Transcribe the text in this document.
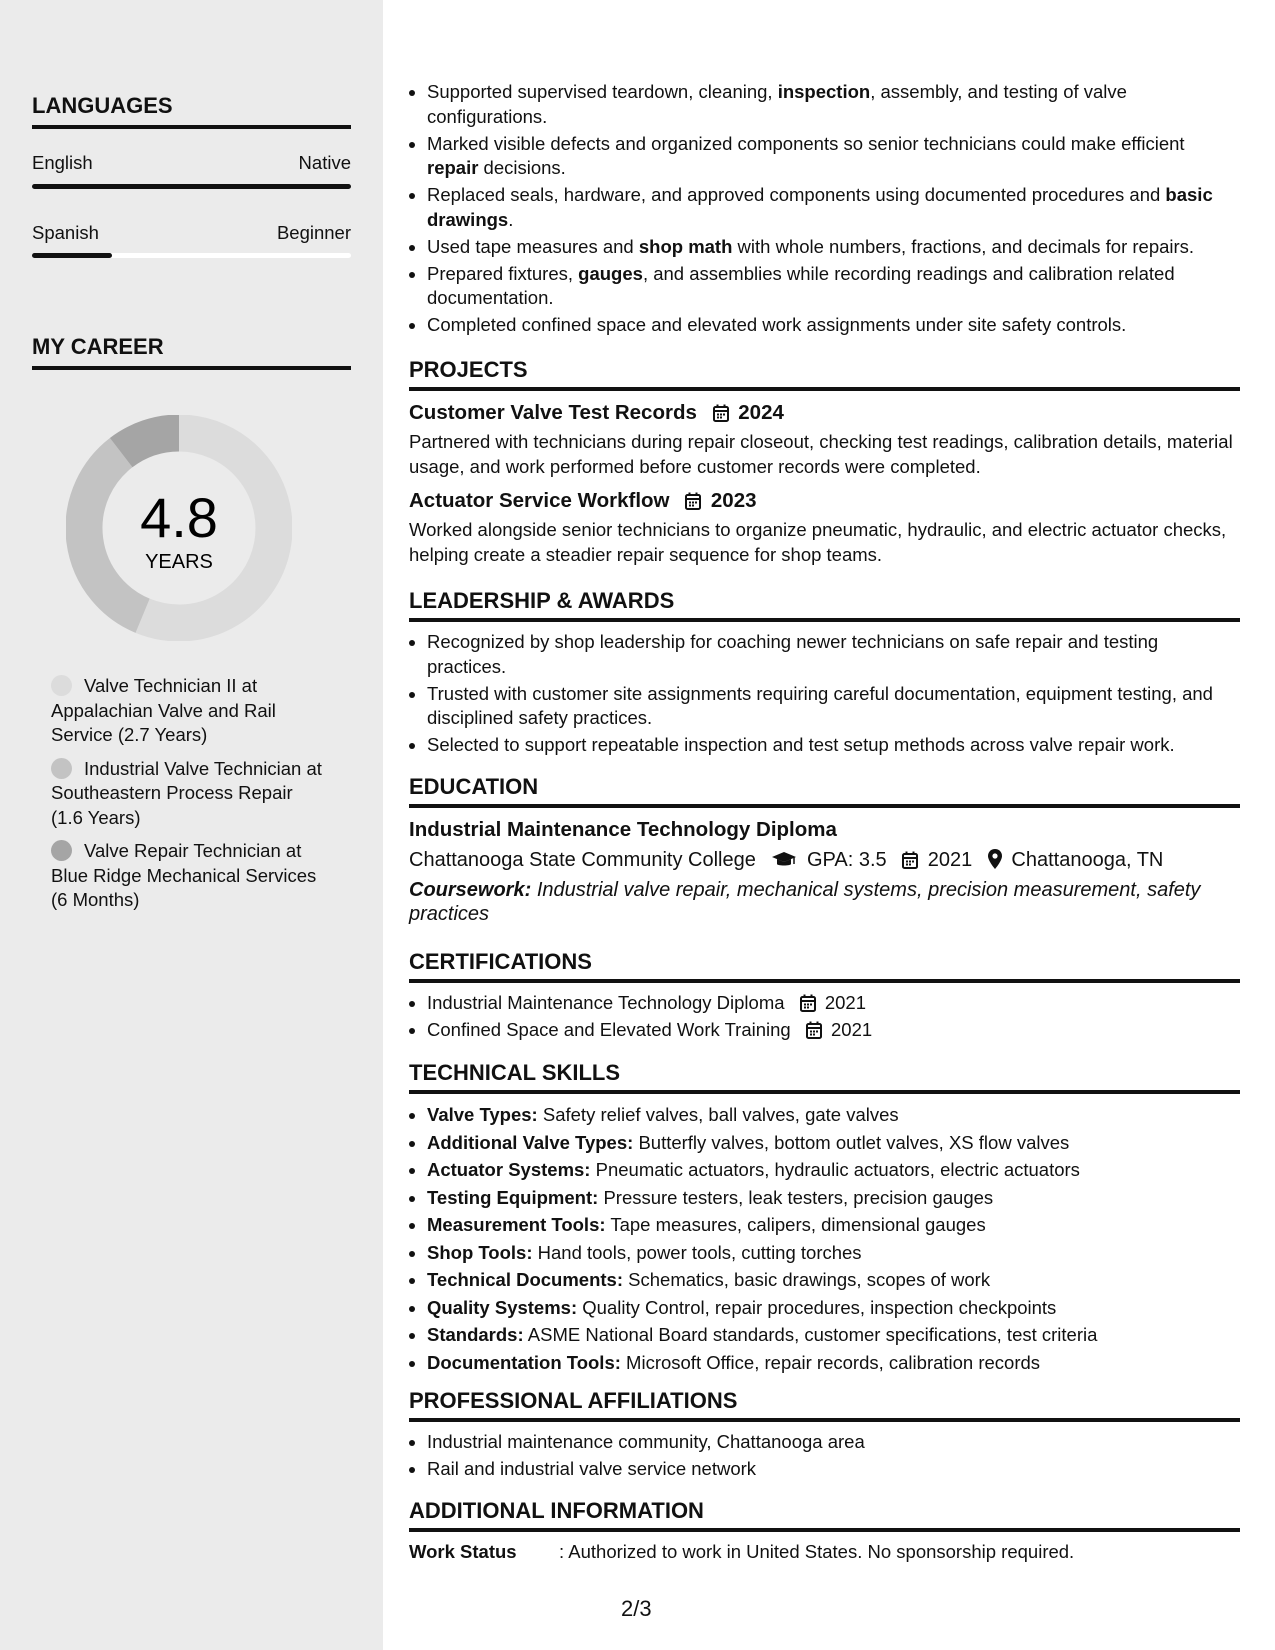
LANGUAGES
English	Native
Spanish	Beginner
MY CAREER
4.8
YEARS
Valve Technician II at Appalachian Valve and Rail Service (2.7 Years)
Industrial Valve Technician at Southeastern Process Repair (1.6 Years)
Valve Repair Technician at Blue Ridge Mechanical Services (6 Months)
• Supported supervised teardown, cleaning, inspection, assembly, and testing of valve configurations.
• Marked visible defects and organized components so senior technicians could make efficient repair decisions.
• Replaced seals, hardware, and approved components using documented procedures and basic drawings.
• Used tape measures and shop math with whole numbers, fractions, and decimals for repairs.
• Prepared fixtures, gauges, and assemblies while recording readings and calibration related documentation.
• Completed confined space and elevated work assignments under site safety controls.
PROJECTS
Customer Valve Test Records 2024
Partnered with technicians during repair closeout, checking test readings, calibration details, material usage, and work performed before customer records were completed.
Actuator Service Workflow 2023
Worked alongside senior technicians to organize pneumatic, hydraulic, and electric actuator checks, helping create a steadier repair sequence for shop teams.
LEADERSHIP & AWARDS
• Recognized by shop leadership for coaching newer technicians on safe repair and testing practices.
• Trusted with customer site assignments requiring careful documentation, equipment testing, and disciplined safety practices.
• Selected to support repeatable inspection and test setup methods across valve repair work.
EDUCATION
Industrial Maintenance Technology Diploma
Chattanooga State Community College	GPA: 3.5 2021 Chattanooga, TN
Coursework: Industrial valve repair, mechanical systems, precision measurement, safety practices
CERTIFICATIONS
• Industrial Maintenance Technology Diploma 2021
• Confined Space and Elevated Work Training 2021
TECHNICAL SKILLS
• Valve Types: Safety relief valves, ball valves, gate valves
• Additional Valve Types: Butterfly valves, bottom outlet valves, XS flow valves
• Actuator Systems: Pneumatic actuators, hydraulic actuators, electric actuators
• Testing Equipment: Pressure testers, leak testers, precision gauges
• Measurement Tools: Tape measures, calipers, dimensional gauges
• Shop Tools: Hand tools, power tools, cutting torches
• Technical Documents: Schematics, basic drawings, scopes of work
• Quality Systems: Quality Control, repair procedures, inspection checkpoints
• Standards: ASME National Board standards, customer specifications, test criteria
• Documentation Tools: Microsoft Office, repair records, calibration records
PROFESSIONAL AFFILIATIONS
• Industrial maintenance community, Chattanooga area
• Rail and industrial valve service network
ADDITIONAL INFORMATION
Work Status	: Authorized to work in United States. No sponsorship required.
2/3
